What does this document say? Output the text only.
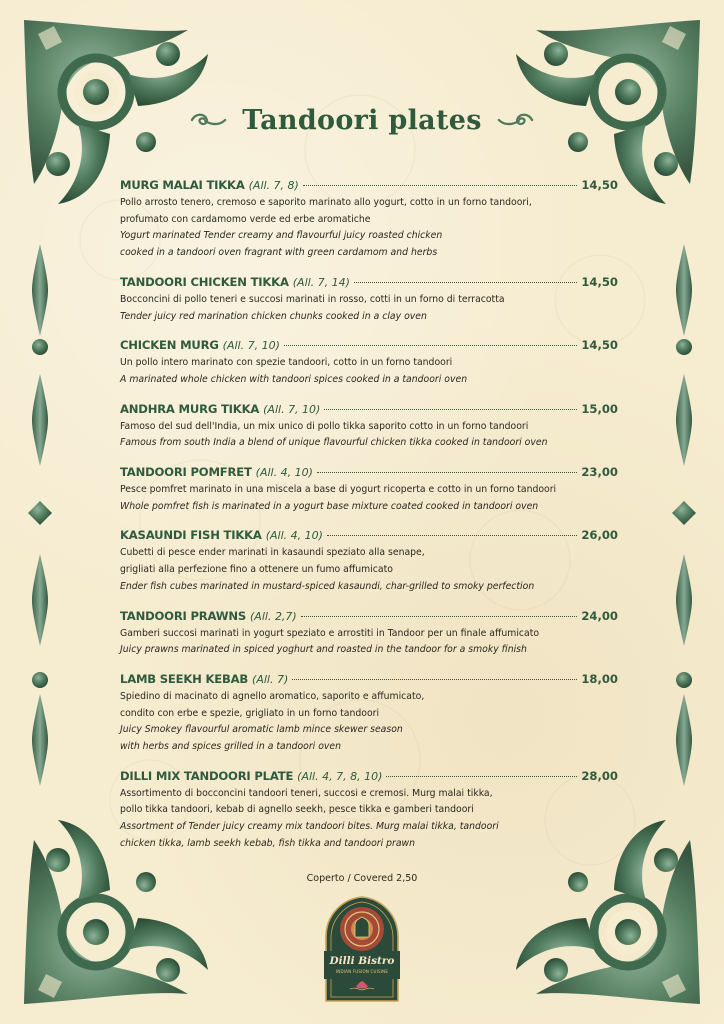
Tandoori plates
MURG MALAI TIKKA (All. 7, 8)	14,50
Pollo arrosto tenero, cremoso e saporito marinato allo yogurt, cotto in un forno tandoori,
profumato con cardamomo verde ed erbe aromatiche
Yogurt marinated Tender creamy and flavourful juicy roasted chicken
cooked in a tandoori oven fragrant with green cardamom and herbs
TANDOORI CHICKEN TIKKA (All. 7, 14)	14,50
Bocconcini di pollo teneri e succosi marinati in rosso, cotti in un forno di terracotta
Tender juicy red marination chicken chunks cooked in a clay oven
CHICKEN MURG (All. 7, 10)	14,50
Un pollo intero marinato con spezie tandoori, cotto in un forno tandoori
A marinated whole chicken with tandoori spices cooked in a tandoori oven
ANDHRA MURG TIKKA (All. 7, 10)	15,00
Famoso del sud dell'India, un mix unico di pollo tikka saporito cotto in un forno tandoori
Famous from south India a blend of unique flavourful chicken tikka cooked in tandoori oven
TANDOORI POMFRET (All. 4, 10)	23,00
Pesce pomfret marinato in una miscela a base di yogurt ricoperta e cotto in un forno tandoori
Whole pomfret fish is marinated in a yogurt base mixture coated cooked in tandoori oven
KASAUNDI FISH TIKKA (All. 4, 10)	26,00
Cubetti di pesce ender marinati in kasaundi speziato alla senape,
grigliati alla perfezione fino a ottenere un fumo affumicato
Ender fish cubes marinated in mustard-spiced kasaundi, char-grilled to smoky perfection
TANDOORI PRAWNS (All. 2,7)	24,00
Gamberi succosi marinati in yogurt speziato e arrostiti in Tandoor per un finale affumicato
Juicy prawns marinated in spiced yoghurt and roasted in the tandoor for a smoky finish
LAMB SEEKH KEBAB (All. 7)	18,00
Spiedino di macinato di agnello aromatico, saporito e affumicato,
condito con erbe e spezie, grigliato in un forno tandoori
Juicy Smokey flavourful aromatic lamb mince skewer season
with herbs and spices grilled in a tandoori oven
DILLI MIX TANDOORI PLATE (All. 4, 7, 8, 10)	28,00
Assortimento di bocconcini tandoori teneri, succosi e cremosi. Murg malai tikka,
pollo tikka tandoori, kebab di agnello seekh, pesce tikka e gamberi tandoori
Assortment of Tender juicy creamy mix tandoori bites. Murg malai tikka, tandoori
chicken tikka, lamb seekh kebab, fish tikka and tandoori prawn
Coperto / Covered 2,50
Dilli Bistro
INDIAN FUSION CUISINE
